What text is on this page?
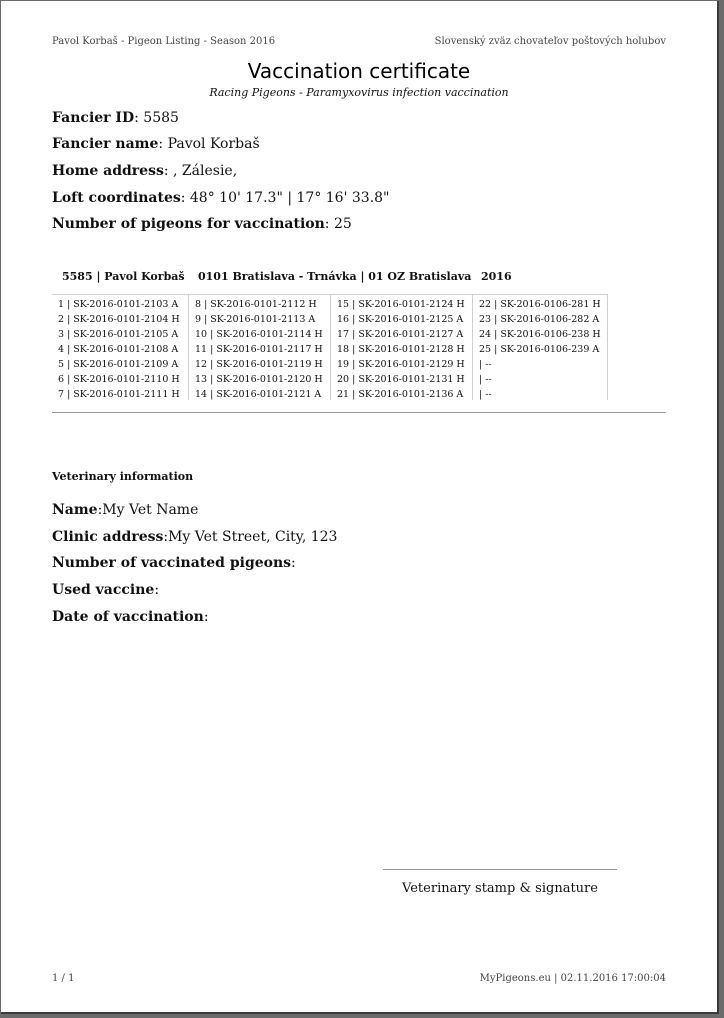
Pavol Korbaš - Pigeon Listing - Season 2016	Slovenský zväz chovateľov poštových holubov
Vaccination certificate
Racing Pigeons - Paramyxovirus infection vaccination
Fancier ID: 5585
Fancier name: Pavol Korbaš
Home address: , Zálesie,
Loft coordinates: 48° 10' 17.3" | 17° 16' 33.8"
Number of pigeons for vaccination: 25
5585 | Pavol Korbaš 0101 Bratislava - Trnávka | 01 OZ Bratislava 2016
1 | SK-2016-0101-2103 A
2 | SK-2016-0101-2104 H
3 | SK-2016-0101-2105 A
4 | SK-2016-0101-2108 A
5 | SK-2016-0101-2109 A
6 | SK-2016-0101-2110 H
7 | SK-2016-0101-2111 H
8 | SK-2016-0101-2112 H
9 | SK-2016-0101-2113 A
10 | SK-2016-0101-2114 H
11 | SK-2016-0101-2117 H
12 | SK-2016-0101-2119 H
13 | SK-2016-0101-2120 H
14 | SK-2016-0101-2121 A
15 | SK-2016-0101-2124 H
16 | SK-2016-0101-2125 A
17 | SK-2016-0101-2127 A
18 | SK-2016-0101-2128 H
19 | SK-2016-0101-2129 H
20 | SK-2016-0101-2131 H
21 | SK-2016-0101-2136 A
22 | SK-2016-0106-281 H
23 | SK-2016-0106-282 A
24 | SK-2016-0106-238 H
25 | SK-2016-0106-239 A
| --
| --
| --
Veterinary information
Name:My Vet Name
Clinic address:My Vet Street, City, 123
Number of vaccinated pigeons:
Used vaccine:
Date of vaccination:
Veterinary stamp & signature
1 / 1	MyPigeons.eu | 02.11.2016 17:00:04
